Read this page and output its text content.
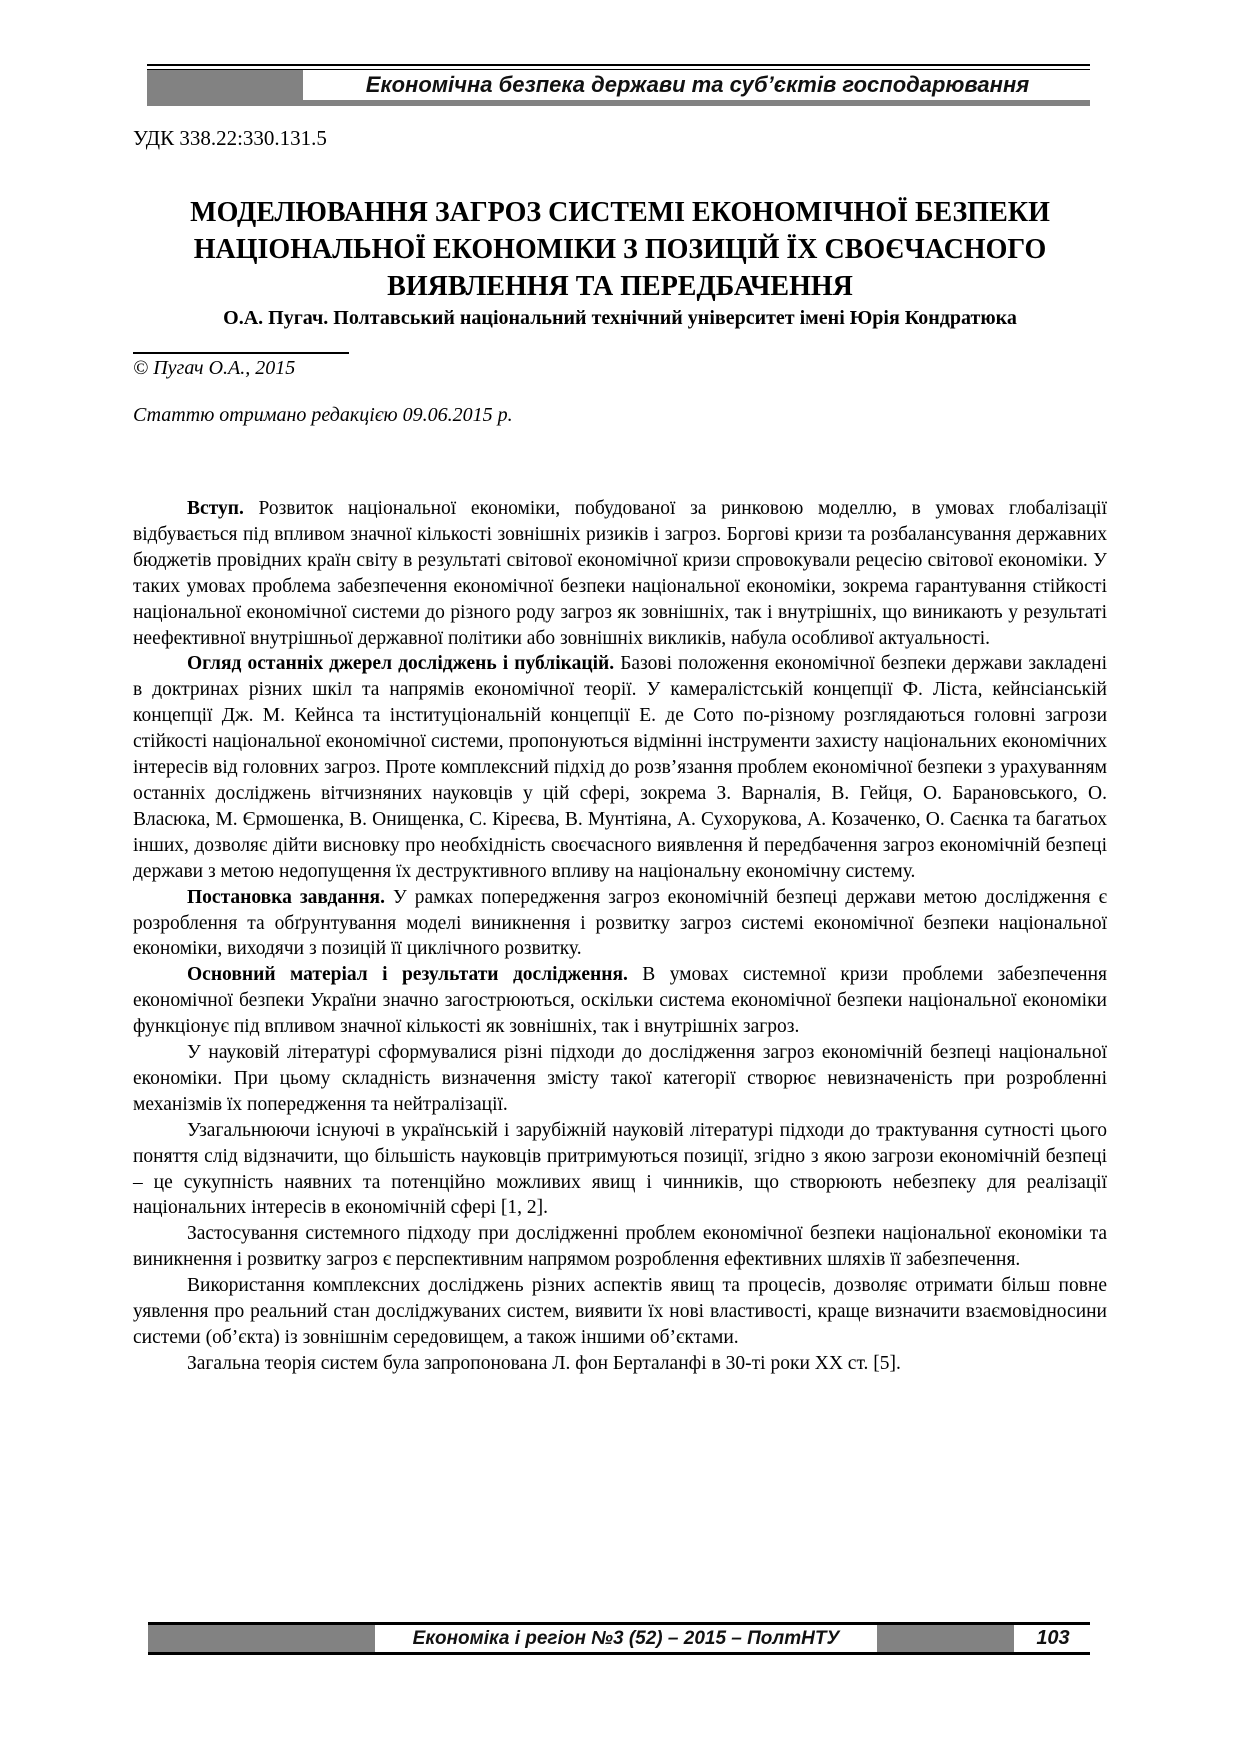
Економічна безпека держави та суб’єктів господарювання
УДК 338.22:330.131.5
МОДЕЛЮВАННЯ ЗАГРОЗ СИСТЕМІ ЕКОНОМІЧНОЇ БЕЗПЕКИ НАЦІОНАЛЬНОЇ ЕКОНОМІКИ З ПОЗИЦІЙ ЇХ СВОЄЧАСНОГО ВИЯВЛЕННЯ ТА ПЕРЕДБАЧЕННЯ

О.А. Пугач. Полтавський національний технічний університет імені Юрія Кондратюка

© Пугач О.А., 2015

Статтю отримано редакцією 09.06.2015 р.

Вступ. Розвиток національної економіки, побудованої за ринковою моделлю, в умовах глобалізації відбувається під впливом значної кількості зовнішніх ризиків і загроз. Боргові кризи та розбалансування державних бюджетів провідних країн світу в результаті світової економічної кризи спровокували рецесію світової економіки. У таких умовах проблема забезпечення економічної безпеки національної економіки, зокрема гарантування стійкості національної економічної системи до різного роду загроз як зовнішніх, так і внутрішніх, що виникають у результаті неефективної внутрішньої державної політики або зовнішніх викликів, набула особливої актуальності.

Огляд останніх джерел досліджень і публікацій. Базові положення економічної безпеки держави закладені в доктринах різних шкіл та напрямів економічної теорії. У камералістській концепції Ф. Ліста, кейнсіанській концепції Дж. М. Кейнса та інституціональній концепції Е. де Сото по-різному розглядаються головні загрози стійкості національної економічної системи, пропонуються відмінні інструменти захисту національних економічних інтересів від головних загроз. Проте комплексний підхід до розв’язання проблем економічної безпеки з урахуванням останніх досліджень вітчизняних науковців у цій сфері, зокрема З. Варналія, В. Гейця, О. Барановського, О. Власюка, М. Єрмошенка, В. Онищенка, С. Кіреєва, В. Мунтіяна, А. Сухорукова, А. Козаченко, О. Саєнка та багатьох інших, дозволяє дійти висновку про необхідність своєчасного виявлення й передбачення загроз економічній безпеці держави з метою недопущення їх деструктивного впливу на національну економічну систему.

Постановка завдання. У рамках попередження загроз економічній безпеці держави метою дослідження є розроблення та обґрунтування моделі виникнення і розвитку загроз системі економічної безпеки національної економіки, виходячи з позицій її циклічного розвитку.

Основний матеріал і результати дослідження. В умовах системної кризи проблеми забезпечення економічної безпеки України значно загострюються, оскільки система економічної безпеки національної економіки функціонує під впливом значної кількості як зовнішніх, так і внутрішніх загроз.

У науковій літературі сформувалися різні підходи до дослідження загроз економічній безпеці національної економіки. При цьому складність визначення змісту такої категорії створює невизначеність при розробленні механізмів їх попередження та нейтралізації.

Узагальнюючи існуючі в українській і зарубіжній науковій літературі підходи до трактування сутності цього поняття слід відзначити, що більшість науковців притримуються позиції, згідно з якою загрози економічній безпеці – це сукупність наявних та потенційно можливих явищ і чинників, що створюють небезпеку для реалізації національних інтересів в економічній сфері [1, 2].

Застосування системного підходу при дослідженні проблем економічної безпеки національної економіки та виникнення і розвитку загроз є перспективним напрямом розроблення ефективних шляхів її забезпечення.

Використання комплексних досліджень різних аспектів явищ та процесів, дозволяє отримати більш повне уявлення про реальний стан досліджуваних систем, виявити їх нові властивості, краще визначити взаємовідносини системи (об’єкта) із зовнішнім середовищем, а також іншими об’єктами.

Загальна теорія систем була запропонована Л. фон Берталанфі в 30-ті роки ХХ ст. [5].

Економіка і регіон №3 (52) – 2015 – ПолтНТУ	103
